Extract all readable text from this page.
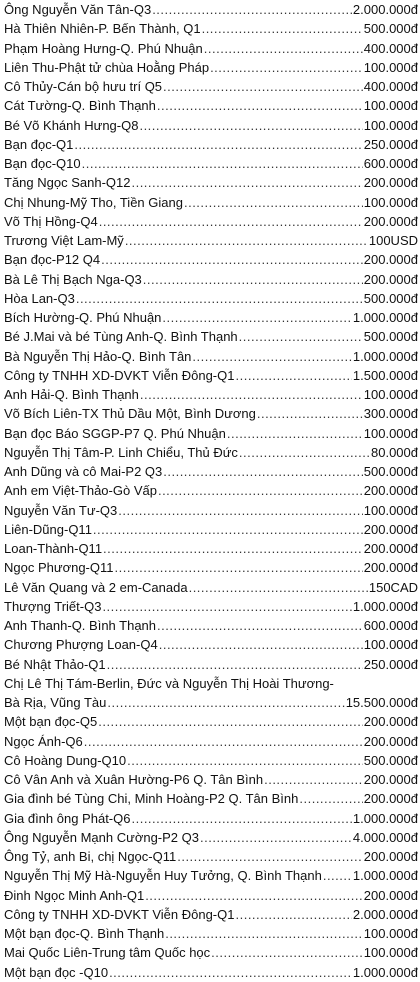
Ông Nguyễn Văn Tân-Q3 .....	2.000.000đ
Hà Thiên Nhiên-P. Bến Thành, Q1 .....	500.000đ
Phạm Hoàng Hưng-Q. Phú Nhuận .....	400.000đ
Liên Thu-Phật tử chùa Hoằng Pháp .....	100.000đ
Cô Thủy-Cán bộ hưu trí Q5 .....	400.000đ
Cát Tường-Q. Bình Thạnh .....	100.000đ
Bé Võ Khánh Hưng-Q8 .....	100.000đ
Bạn đọc-Q1 .....	250.000đ
Bạn đọc-Q10 .....	600.000đ
Tăng Ngọc Sanh-Q12 .....	200.000đ
Chị Nhung-Mỹ Tho, Tiền Giang .....	100.000đ
Võ Thị Hồng-Q4 .....	200.000đ
Trương Việt Lam-Mỹ .....	100USD
Bạn đọc-P12 Q4 .....	200.000đ
Bà Lê Thị Bạch Nga-Q3 .....	200.000đ
Hòa Lan-Q3 .....	500.000đ
Bích Hường-Q. Phú Nhuận .....	1.000.000đ
Bé J.Mai và bé Tùng Anh-Q. Bình Thạnh .....	500.000đ
Bà Nguyễn Thị Hảo-Q. Bình Tân .....	1.000.000đ
Công ty TNHH XD-DVKT Viễn Đông-Q1 .....	1.500.000đ
Anh Hải-Q. Bình Thạnh .....	100.000đ
Võ Bích Liên-TX Thủ Dầu Một, Bình Dương .....	300.000đ
Bạn đọc Báo SGGP-P7 Q. Phú Nhuận .....	100.000đ
Nguyễn Thị Tâm-P. Linh Chiểu, Thủ Đức .....	80.000đ
Anh Dũng và cô Mai-P2 Q3 .....	500.000đ
Anh em Việt-Thảo-Gò Vấp .....	200.000đ
Nguyễn Văn Tư-Q3 .....	100.000đ
Liên-Dũng-Q11 .....	200.000đ
Loan-Thành-Q11 .....	200.000đ
Ngọc Phương-Q11 .....	200.000đ
Lê Văn Quang và 2 em-Canada .....	150CAD
Thượng Triết-Q3 .....	1.000.000đ
Anh Thanh-Q. Bình Thạnh .....	600.000đ
Chương Phượng Loan-Q4 .....	100.000đ
Bé Nhật Thảo-Q1 .....	250.000đ
Chị Lê Thị Tám-Berlin, Đức và Nguyễn Thị Hoài Thương-
Bà Rịa, Vũng Tàu .....	15.500.000đ
Một bạn đọc-Q5 .....	200.000đ
Ngọc Ánh-Q6 .....	200.000đ
Cô Hoàng Dung-Q10 .....	500.000đ
Cô Vân Anh và Xuân Hường-P6 Q. Tân Bình .....	200.000đ
Gia đình bé Tùng Chi, Minh Hoàng-P2 Q. Tân Bình .....	200.000đ
Gia đình ông Phát-Q6 .....	1.000.000đ
Ông Nguyễn Mạnh Cường-P2 Q3 .....	4.000.000đ
Ông Tỷ, anh Bi, chị Ngọc-Q11 .....	200.000đ
Nguyễn Thị Mỹ Hà-Nguyễn Huy Tưởng, Q. Bình Thạnh ..... 1.000.000đ
Đinh Ngọc Minh Anh-Q1 .....	200.000đ
Công ty TNHH XD-DVKT Viễn Đông-Q1 .....	2.000.000đ
Một bạn đọc-Q. Bình Thạnh .....	100.000đ
Mai Quốc Liên-Trung tâm Quốc học .....	100.000đ
Một bạn đọc -Q10 .....	1.000.000đ
